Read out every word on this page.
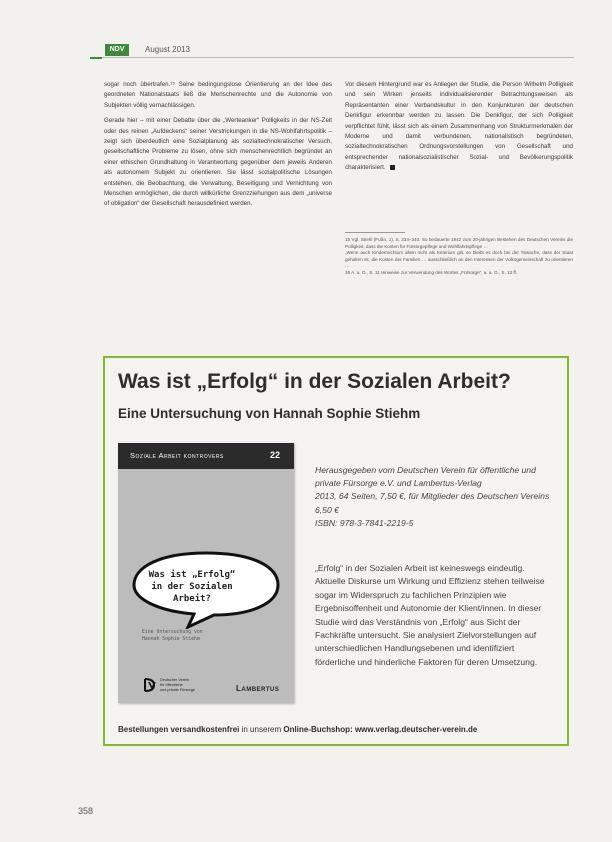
NDV	August 2013

sogar noch übertrafen.¹⁵ Seine bedingungslose Orientierung an der Idee des geordneten Nationalstaats ließ die Menschenrechte und die Autonomie von Subjekten völlig vernachlässigen.

Gerade hier – mit einer Debatte über die „Werteanker“ Polligkeits in der NS-Zeit oder des reinen „Aufdeckens“ seiner Verstrickungen in die NS-Wohlfahrtspolitik – zeigt sich überdeutlich eine Sozialplanung als sozialtechnokratischer Versuch, gesellschaftliche Probleme zu lösen, ohne sich menschenrechtlich begründet an einer ethischen Grundhaltung in Verantwortung gegenüber dem jeweils Anderen als autonomem Subjekt zu orientieren. Sie lässt sozialpolitische Lösungen entstehen, die Beobachtung, die Verwaltung, Beseitigung und Vernichtung von Menschen ermöglichen, die durch willkürliche Grenzziehungen aus dem „universe of obligation“ der Gesellschaft herausdefiniert werden.

Vor diesem Hintergrund war es Anliegen der Studie, die Person Wilhelm Polligkeit und sein Wirken jenseits individualisierender Betrachtungsweisen als Repräsentanten einer Verbandskultur in den Konjunkturen der deutschen Denkfigur erkennbar werden zu lassen. Die Denkfigur, der sich Polligkeit verpflichtet fühlt, lässt sich als einem Zusammenhang von Strukturmerkmalen der Moderne und damit verbundenen, nationalistisch begründeten, sozialtechnokratischen Ordnungsvorstellungen von Gesellschaft und entsprechender nationalsozialistischer Sozial- und Bevölkerungspolitik charakterisiert.

15 Vgl. Stiehl (Fußn. 1), S. 334–340. So bedauerte 1942 zum 20-jährigen Bestehen des Deutschen Vereins die Polligkeit, dass die Kosten für Fürsorgepflege und Wohlfahrtspflege …

„Wenn auch Kinderreichtum allein nicht als Kriterium gilt, so bleibt es doch bei der Tatsache, dass der Staat gehalten ist, die Kosten der Familien … ausschließlich an den Interessen der Volksgemeinschaft zu orientieren …

16 A. a. O., S. 11 Hinweise zur Verwendung des Wortes „Fürsorge“, a. a. O., S. 13 ff.

Was ist „Erfolg“ in der Sozialen Arbeit?
Eine Untersuchung von Hannah Sophie Stiehm
Soziale Arbeit kontrovers	22
Was ist „Erfolg“
in der Sozialen
Arbeit?
Eine Untersuchung von
Hannah Sophie Stiehm
Deutscher Verein
für öffentliche
und private Fürsorge	Lambertus

Herausgegeben vom Deutschen Verein für öffentliche und private Fürsorge e.V. und Lambertus-Verlag

2013, 64 Seiten, 7,50 €, für Mitglieder des Deutschen Vereins 6,50 €

ISBN: 978-3-7841-2219-5

„Erfolg“ in der Sozialen Arbeit ist keineswegs eindeutig. Aktuelle Diskurse um Wirkung und Effizienz stehen teilweise sogar im Widerspruch zu fachlichen Prinzipien wie Ergebnisoffenheit und Autonomie der Klient/innen. In dieser Studie wird das Verständnis von „Erfolg“ aus Sicht der Fachkräfte untersucht. Sie analysiert Zielvorstellungen auf unterschiedlichen Handlungsebenen und identifiziert förderliche und hinderliche Faktoren für deren Umsetzung.
Bestellungen versandkostenfrei in unserem Online-Buchshop: www.verlag.deutscher-verein.de
358
